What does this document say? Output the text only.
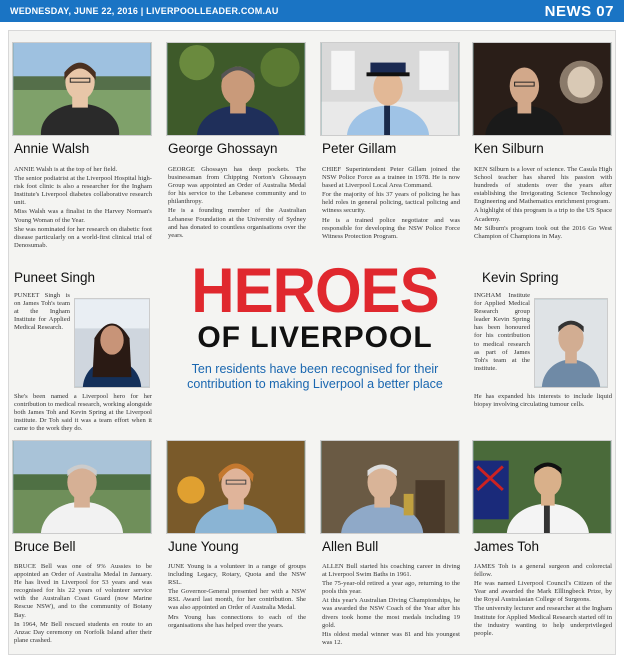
WEDNESDAY, JUNE 22, 2016 | LIVERPOOLLEADER.COM.AU	NEWS 07
Annie Walsh	George Ghossayn	Peter Gillam	Ken Silburn

ANNIE Walsh is at the top of her field.

The senior podiatrist at the Liverpool Hospital high-risk foot clinic is also a researcher for the Ingham Institute's Liverpool diabetes collaborative research unit.

Miss Walsh was a finalist in the Harvey Norman's Young Woman of the Year.

She was nominated for her research on diabetic foot disease particularly on a world-first clinical trial of Denosumab.

GEORGE Ghossayn has deep pockets. The businessman from Chipping Norton's Ghossayn Group was appointed an Order of Australia Medal for his service to the Lebanese community and to philanthropy.

He is a founding member of the Australian Lebanese Foundation at the University of Sydney and has donated to countless organisations over the years.

CHIEF Superintendent Peter Gillam joined the NSW Police Force as a trainee in 1978. He is now based at Liverpool Local Area Command.

For the majority of his 37 years of policing he has held roles in general policing, tactical policing and witness security.

He is a trained police negotiator and was responsible for developing the NSW Police Force Witness Protection Program.

KEN Silburn is a lover of science. The Casula High School teacher has shared his passion with hundreds of students over the years after establishing the Invigorating Science Technology Engineering and Mathematics enrichment program.

A highlight of this program is a trip to the US Space Academy.

Mr Silburn's program took out the 2016 Go West Champion of Champions in May.

Puneet Singh	Kevin Spring

PUNEET Singh is on James Toh's team at the Ingham Institute for Applied Medical Research.

She's been named a Liverpool hero for her contribution to medical research, working alongside both James Toh and Kevin Spring at the Liverpool institute. Dr Toh said it was a team effort when it came to the work they do.

INGHAM Institute for Applied Medical Research group leader Kevin Spring has been honoured for his contribution to medical research as part of James Toh's team at the institute.

He has expanded his interests to include liquid biopsy involving circulating tumour cells.

HEROES
OF LIVERPOOL
Ten residents have been recognised for their contribution to making Liverpool a better place
Bruce Bell	June Young	Allen Bull	James Toh

BRUCE Bell was one of 9% Aussies to be appointed an Order of Australia Medal in January. He has lived in Liverpool for 53 years and was recognised for his 22 years of volunteer service with the Australian Coast Guard (now Marine Rescue NSW), and to the community of Botany Bay.

In 1964, Mr Bell rescued students en route to an Anzac Day ceremony on Norfolk Island after their plane crashed.

JUNE Young is a volunteer in a range of groups including Legacy, Rotary, Quota and the NSW RSL.

The Governor-General presented her with a NSW RSL Award last month, for her contribution. She was also appointed an Order of Australia Medal.

Mrs Young has connections to each of the organisations she has helped over the years.

ALLEN Bull started his coaching career in diving at Liverpool Swim Baths in 1961.

The 75-year-old retired a year ago, returning to the pools this year.

At this year's Australian Diving Championships, he was awarded the NSW Coach of the Year after his divers took home the most medals including 19 gold.

His oldest medal winner was 81 and his youngest was 12.

JAMES Toh is a general surgeon and colorectal fellow.

He was named Liverpool Council's Citizen of the Year and awarded the Mark Elllingbeck Prize, by the Royal Australasian College of Surgeons.

The university lecturer and researcher at the Ingham Institute for Applied Medical Research started off in the industry wanting to help underprivileged people.
